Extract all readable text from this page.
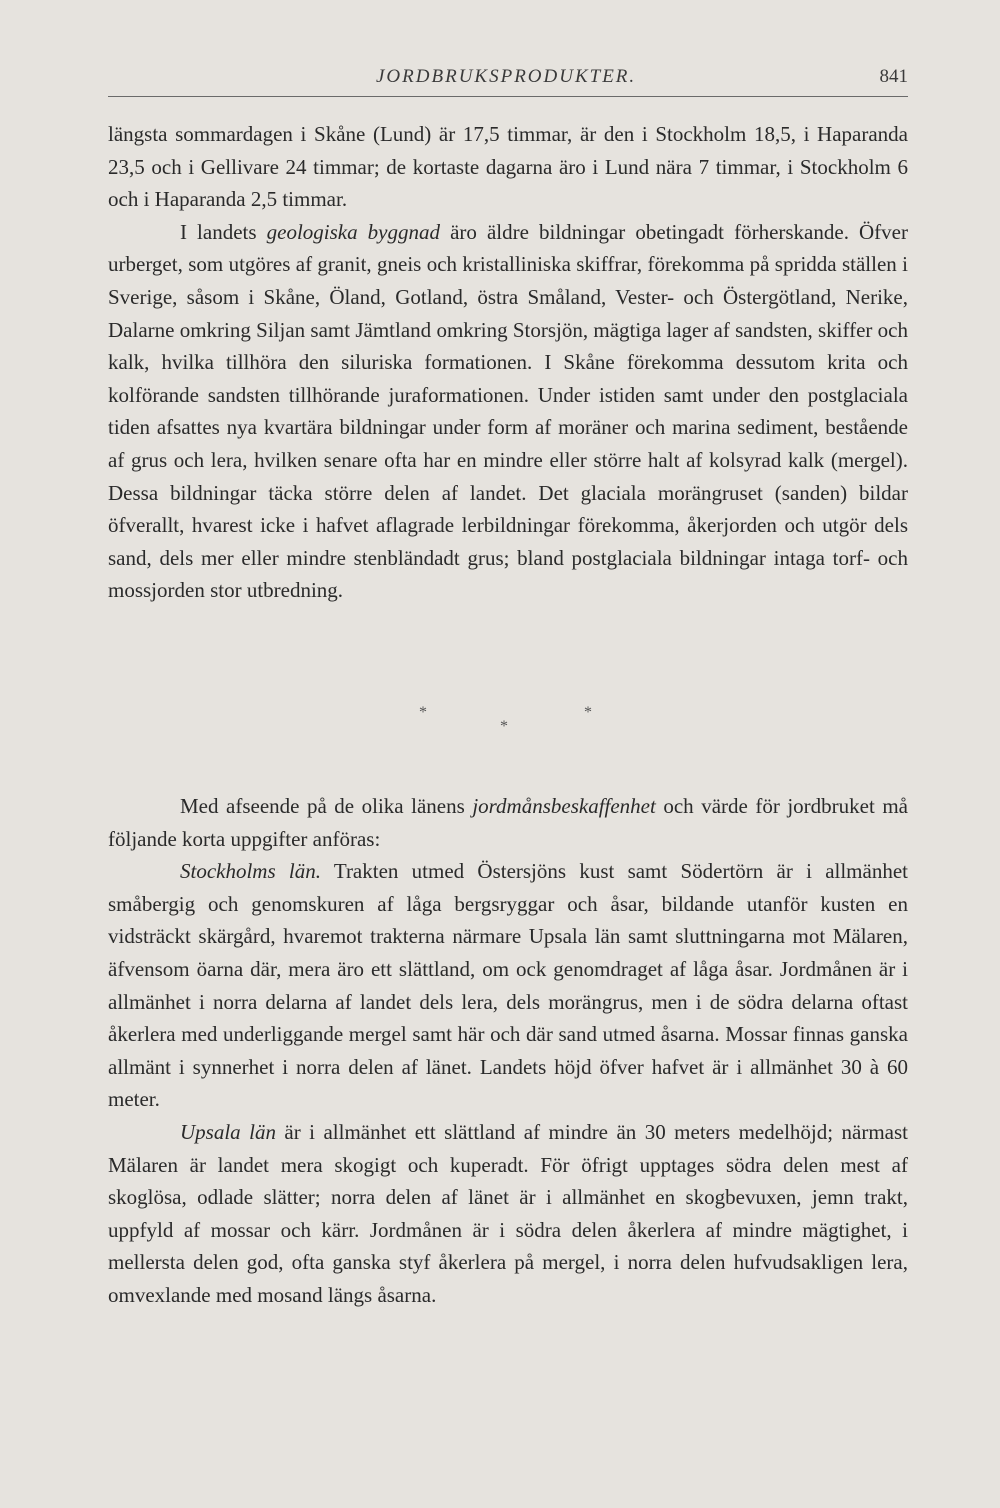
JORDBRUKSPRODUKTER.	841

längsta sommardagen i Skåne (Lund) är 17,5 timmar, är den i Stockholm 18,5, i Haparanda 23,5 och i Gellivare 24 timmar; de kortaste dagarna äro i Lund nära 7 timmar, i Stockholm 6 och i Haparanda 2,5 timmar.

I landets geologiska byggnad äro äldre bildningar obetingadt förherskande. Öfver urberget, som utgöres af granit, gneis och kristalliniska skiffrar, förekomma på spridda ställen i Sverige, såsom i Skåne, Öland, Gotland, östra Småland, Vester- och Östergötland, Nerike, Dalarne omkring Siljan samt Jämtland omkring Storsjön, mägtiga lager af sandsten, skiffer och kalk, hvilka tillhöra den siluriska formationen. I Skåne förekomma dessutom krita och kolförande sandsten tillhörande juraformationen. Under istiden samt under den postglaciala tiden afsattes nya kvartära bildningar under form af moräner och marina sediment, bestående af grus och lera, hvilken senare ofta har en mindre eller större halt af kolsyrad kalk (mergel). Dessa bildningar täcka större delen af landet. Det glaciala morängruset (sanden) bildar öfverallt, hvarest icke i hafvet aflagrade lerbildningar förekomma, åkerjorden och utgör dels sand, dels mer eller mindre stenbländadt grus; bland postglaciala bildningar intaga torf- och mossjorden stor utbredning.

*	*
*

Med afseende på de olika länens jordmånsbeskaffenhet och värde för jordbruket må följande korta uppgifter anföras:

Stockholms län. Trakten utmed Östersjöns kust samt Södertörn är i allmänhet småbergig och genomskuren af låga bergsryggar och åsar, bildande utanför kusten en vidsträckt skärgård, hvaremot trakterna närmare Upsala län samt sluttningarna mot Mälaren, äfvensom öarna där, mera äro ett slättland, om ock genomdraget af låga åsar. Jordmånen är i allmänhet i norra delarna af landet dels lera, dels morängrus, men i de södra delarna oftast åkerlera med underliggande mergel samt här och där sand utmed åsarna. Mossar finnas ganska allmänt i synnerhet i norra delen af länet. Landets höjd öfver hafvet är i allmänhet 30 à 60 meter.

Upsala län är i allmänhet ett slättland af mindre än 30 meters medelhöjd; närmast Mälaren är landet mera skogigt och kuperadt. För öfrigt upptages södra delen mest af skoglösa, odlade slätter; norra delen af länet är i allmänhet en skogbevuxen, jemn trakt, uppfyld af mossar och kärr. Jordmånen är i södra delen åkerlera af mindre mägtighet, i mellersta delen god, ofta ganska styf åkerlera på mergel, i norra delen hufvudsakligen lera, omvexlande med mosand längs åsarna.
